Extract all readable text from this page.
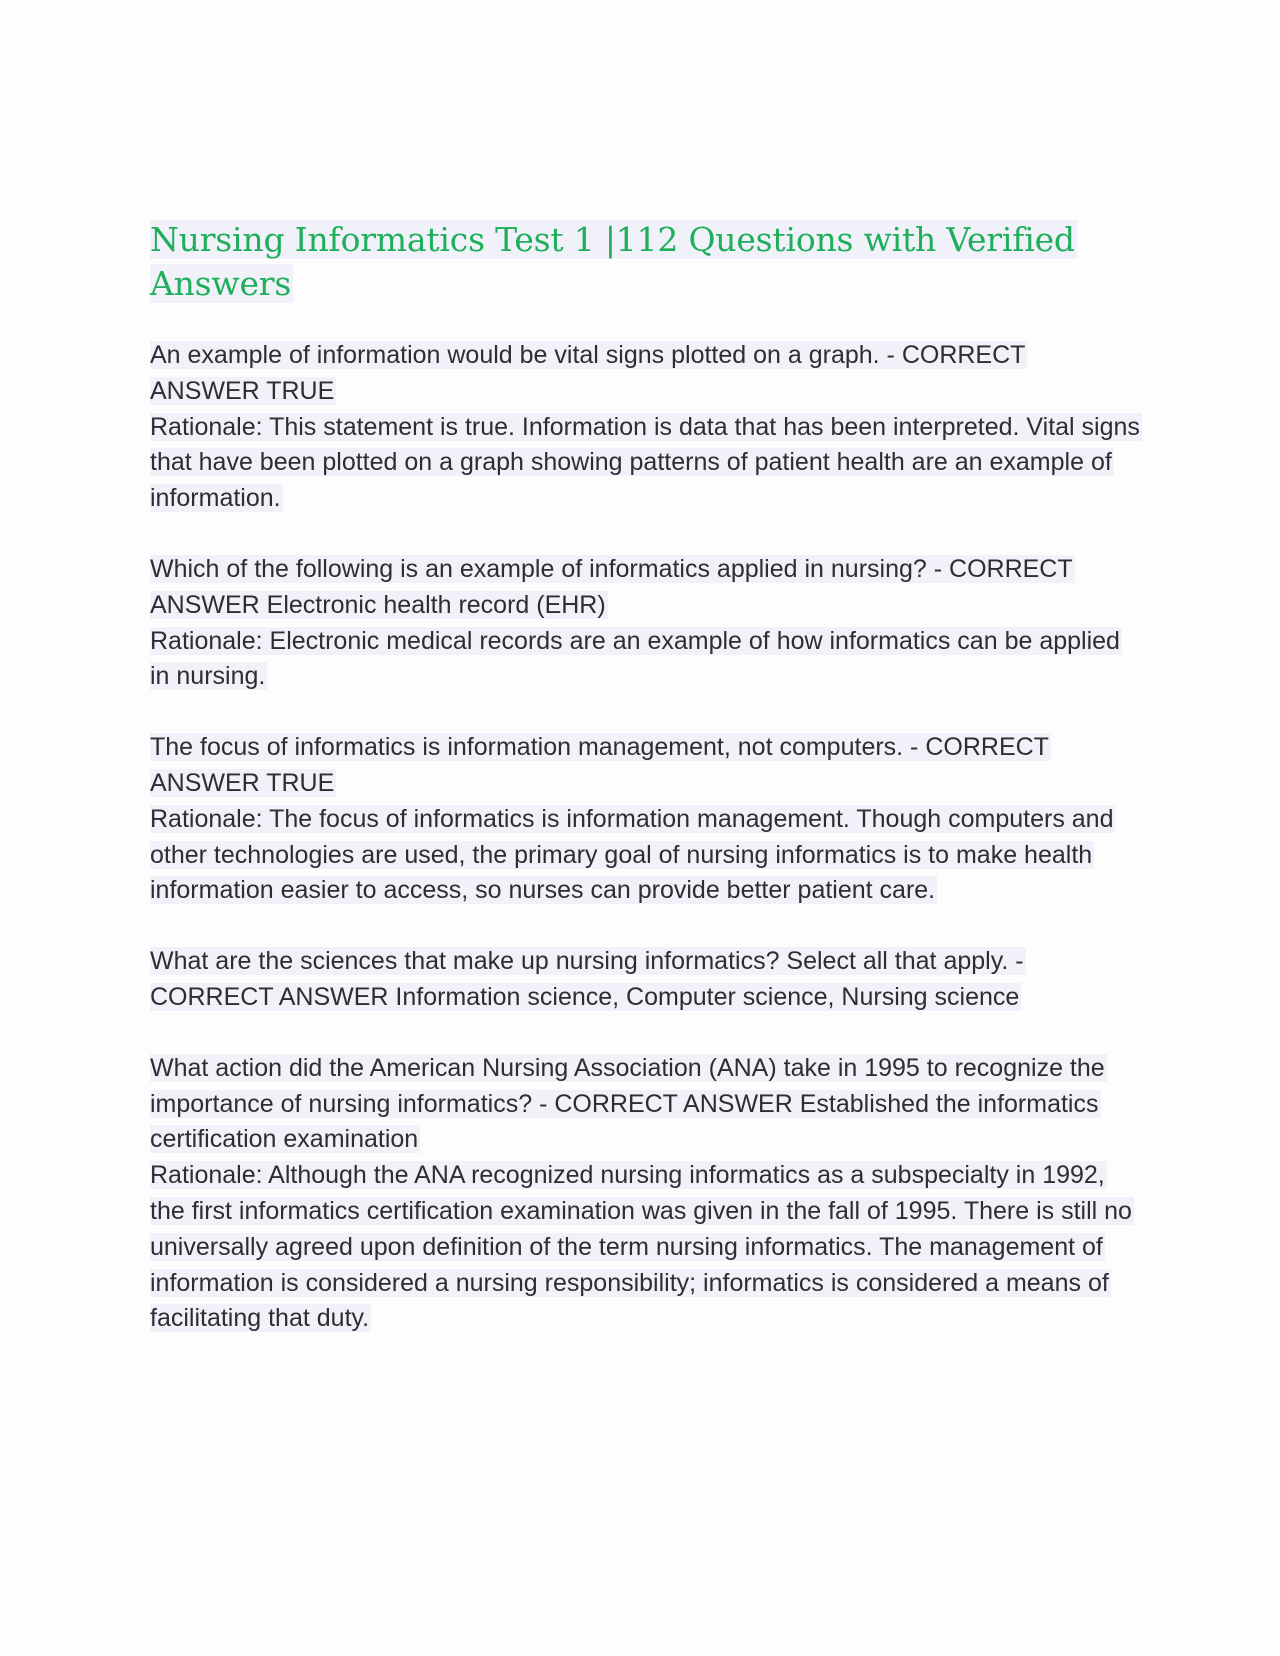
Nursing Informatics Test 1 |112 Questions with Verified Answers

An example of information would be vital signs plotted on a graph. - CORRECT ANSWER TRUE

Rationale: This statement is true. Information is data that has been interpreted. Vital signs that have been plotted on a graph showing patterns of patient health are an example of information.

Which of the following is an example of informatics applied in nursing? - CORRECT ANSWER Electronic health record (EHR)

Rationale: Electronic medical records are an example of how informatics can be applied in nursing.

The focus of informatics is information management, not computers. - CORRECT ANSWER TRUE

Rationale: The focus of informatics is information management. Though computers and other technologies are used, the primary goal of nursing informatics is to make health information easier to access, so nurses can provide better patient care.

What are the sciences that make up nursing informatics? Select all that apply. - CORRECT ANSWER Information science, Computer science, Nursing science

What action did the American Nursing Association (ANA) take in 1995 to recognize the importance of nursing informatics? - CORRECT ANSWER Established the informatics certification examination

Rationale: Although the ANA recognized nursing informatics as a subspecialty in 1992, the first informatics certification examination was given in the fall of 1995. There is still no universally agreed upon definition of the term nursing informatics. The management of information is considered a nursing responsibility; informatics is considered a means of facilitating that duty.
